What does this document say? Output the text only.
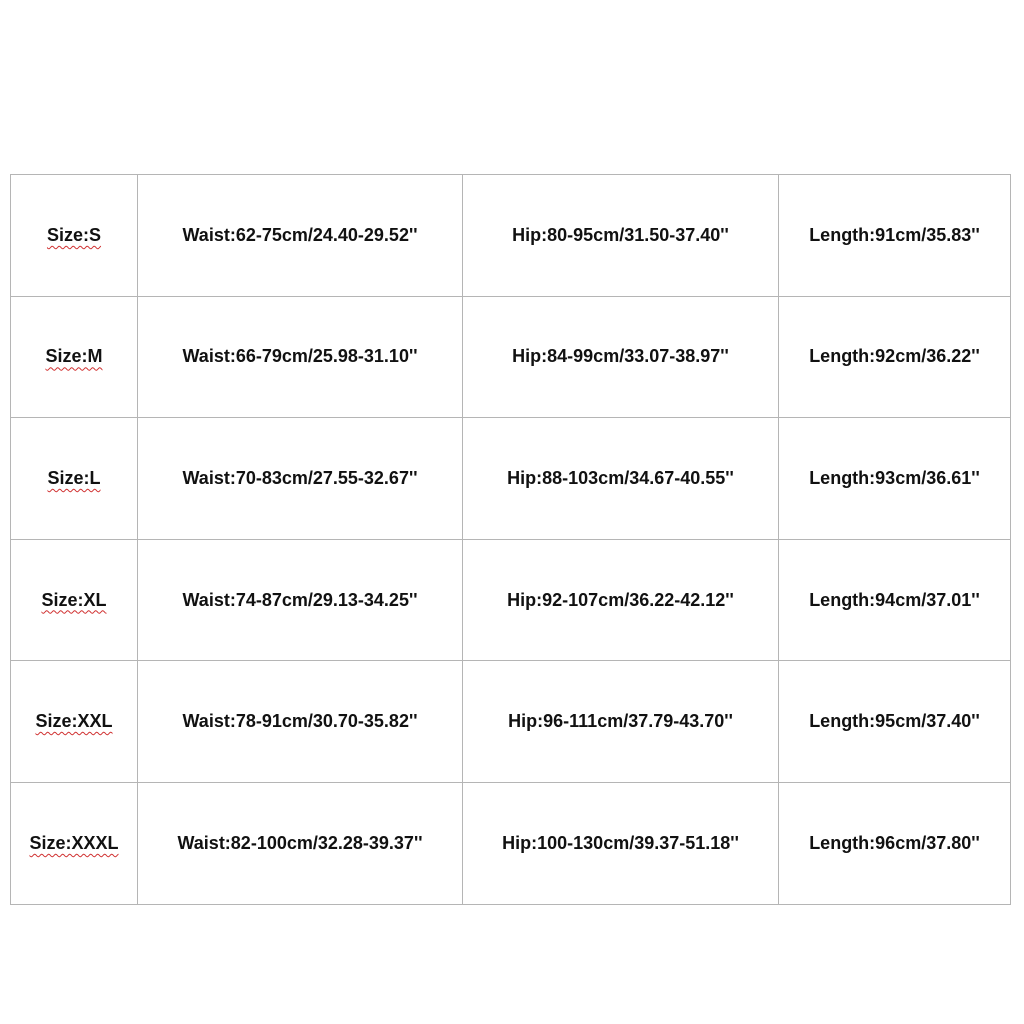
Size:S	Waist:62-75cm/24.40-29.52''	Hip:80-95cm/31.50-37.40''	Length:91cm/35.83''
Size:M	Waist:66-79cm/25.98-31.10''	Hip:84-99cm/33.07-38.97''	Length:92cm/36.22''
Size:L	Waist:70-83cm/27.55-32.67''	Hip:88-103cm/34.67-40.55''	Length:93cm/36.61''
Size:XL	Waist:74-87cm/29.13-34.25''	Hip:92-107cm/36.22-42.12''	Length:94cm/37.01''
Size:XXL	Waist:78-91cm/30.70-35.82''	Hip:96-111cm/37.79-43.70''	Length:95cm/37.40''
Size:XXXL	Waist:82-100cm/32.28-39.37''	Hip:100-130cm/39.37-51.18''	Length:96cm/37.80''
